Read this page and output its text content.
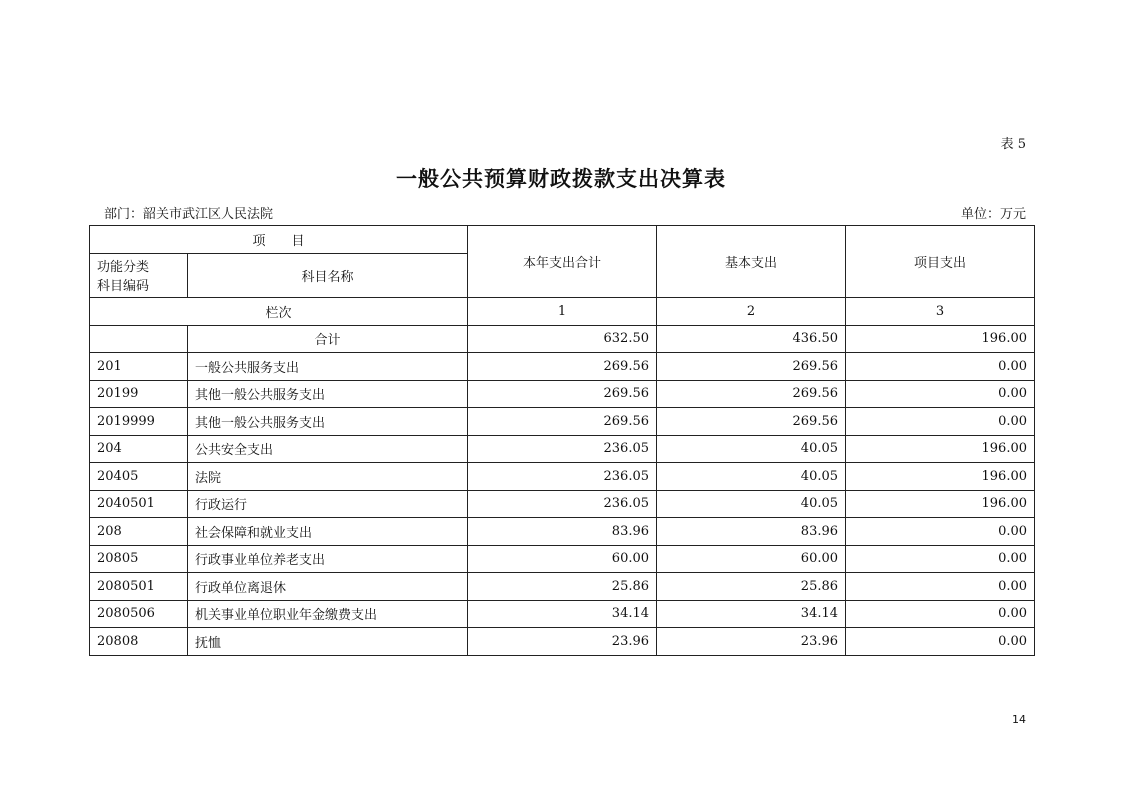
表 5
一般公共预算财政拨款支出决算表
部门：韶关市武江区人民法院	单位：万元
项　　目		本年支出合计	基本支出	项目支出

功能分类
科目编码	科目名称			
栏次		1	2	3
	合计	632.50	436.50	196.00
201	一般公共服务支出	269.56	269.56	0.00
20199	其他一般公共服务支出	269.56	269.56	0.00
2019999	其他一般公共服务支出	269.56	269.56	0.00
204	公共安全支出	236.05	40.05	196.00
20405	法院	236.05	40.05	196.00
2040501	行政运行	236.05	40.05	196.00
208	社会保障和就业支出	83.96	83.96	0.00
20805	行政事业单位养老支出	60.00	60.00	0.00
2080501	行政单位离退休	25.86	25.86	0.00
2080506	机关事业单位职业年金缴费支出	34.14	34.14	0.00
20808	抚恤	23.96	23.96	0.00
14
